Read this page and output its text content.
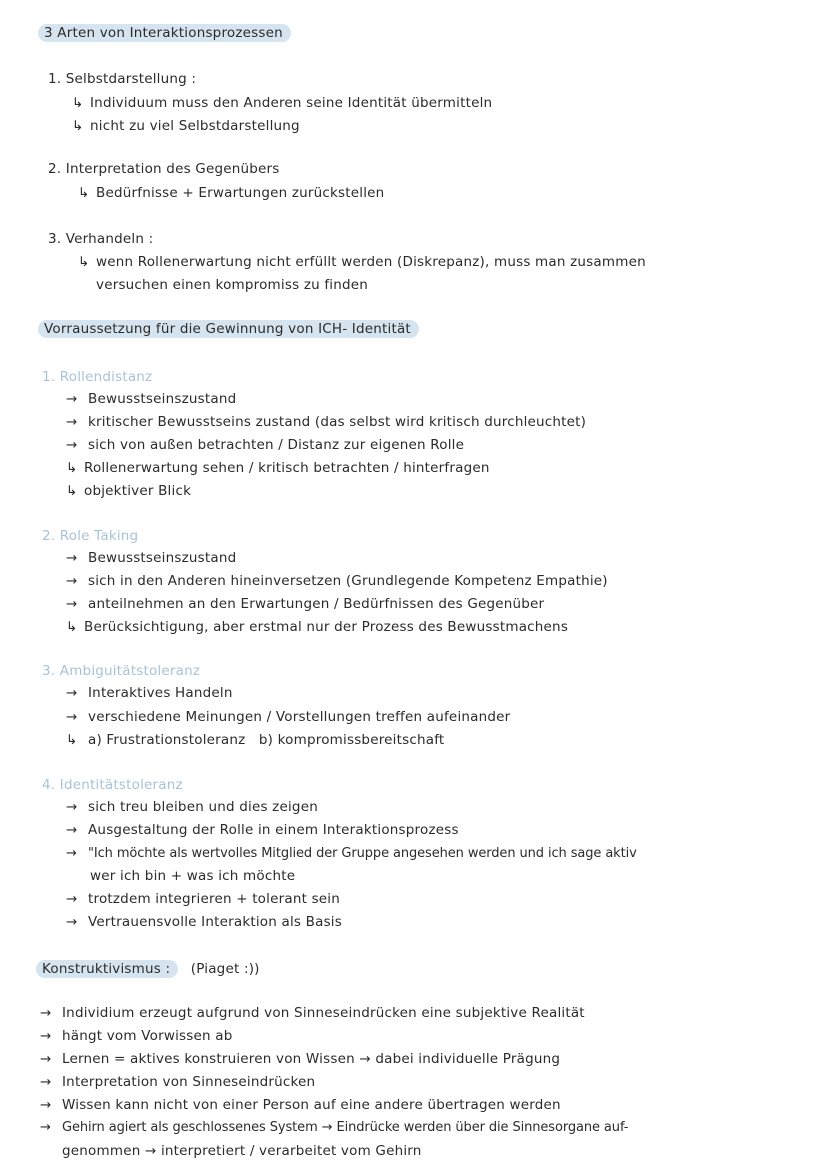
3 Arten von Interaktionsprozessen
1. Selbstdarstellung :
↳ Individuum muss den Anderen seine Identität übermitteln
↳ nicht zu viel Selbstdarstellung
2. Interpretation des Gegenübers
↳ Bedürfnisse + Erwartungen zurückstellen
3. Verhandeln :
↳ wenn Rollenerwartung nicht erfüllt werden (Diskrepanz), muss man zusammen
versuchen einen kompromiss zu finden
Vorraussetzung für die Gewinnung von ICH- Identität
1. Rollendistanz
→ Bewusstseinszustand
→ kritischer Bewusstseins zustand (das selbst wird kritisch durchleuchtet)
→ sich von außen betrachten / Distanz zur eigenen Rolle
↳ Rollenerwartung sehen / kritisch betrachten / hinterfragen
↳ objektiver Blick
2. Role Taking
→ Bewusstseinszustand
→ sich in den Anderen hineinversetzen (Grundlegende Kompetenz Empathie)
→ anteilnehmen an den Erwartungen / Bedürfnissen des Gegenüber
↳ Berücksichtigung, aber erstmal nur der Prozess des Bewusstmachens
3. Ambiguitätstoleranz
→ Interaktives Handeln
→ verschiedene Meinungen / Vorstellungen treffen aufeinander
↳ a) Frustrationstoleranz   b) kompromissbereitschaft
4. Identitätstoleranz
→ sich treu bleiben und dies zeigen
→ Ausgestaltung der Rolle in einem Interaktionsprozess
→ "Ich möchte als wertvolles Mitglied der Gruppe angesehen werden und ich sage aktiv
wer ich bin + was ich möchte
→ trotzdem integrieren + tolerant sein
→ Vertrauensvolle Interaktion als Basis
Konstruktivismus : (Piaget :))
→ Individium erzeugt aufgrund von Sinneseindrücken eine subjektive Realität
→ hängt vom Vorwissen ab
→ Lernen = aktives konstruieren von Wissen → dabei individuelle Prägung
→ Interpretation von Sinneseindrücken
→ Wissen kann nicht von einer Person auf eine andere übertragen werden
→ Gehirn agiert als geschlossenes System → Eindrücke werden über die Sinnesorgane auf-
genommen → interpretiert / verarbeitet vom Gehirn
